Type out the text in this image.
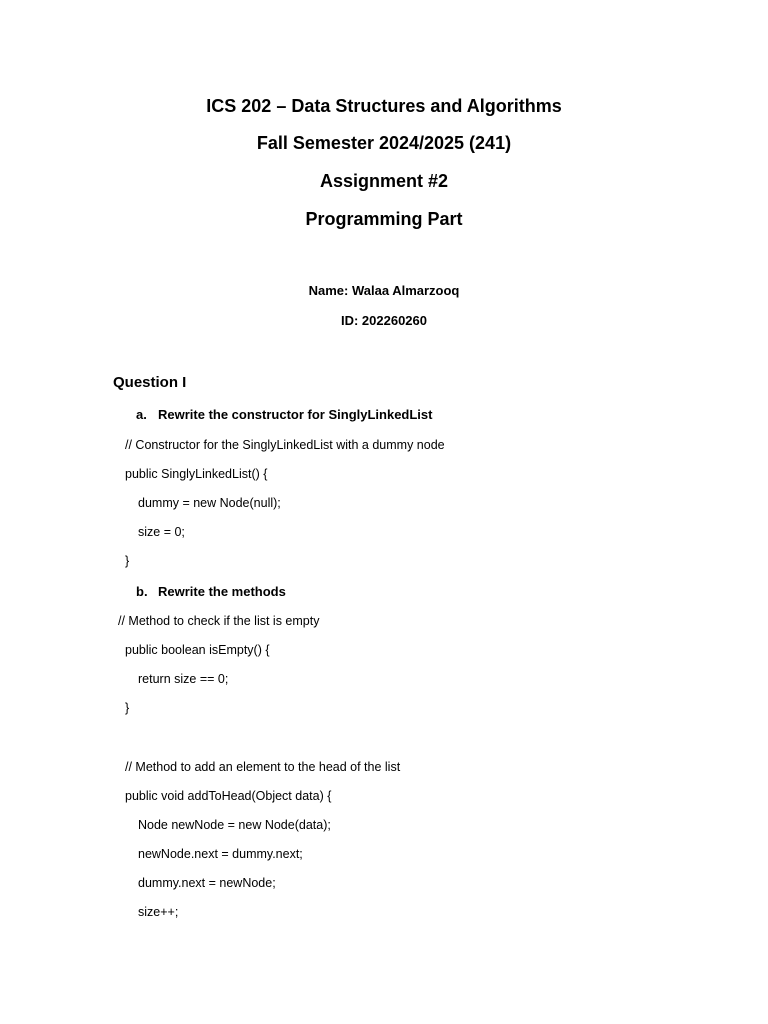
ICS 202 – Data Structures and Algorithms
Fall Semester 2024/2025 (241)
Assignment #2
Programming Part
Name: Walaa Almarzooq
ID: 202260260
Question I
a. Rewrite the constructor for SinglyLinkedList
// Constructor for the SinglyLinkedList with a dummy node
public SinglyLinkedList() {
dummy = new Node(null);
size = 0;
}
b. Rewrite the methods
// Method to check if the list is empty
public boolean isEmpty() {
return size == 0;
}
// Method to add an element to the head of the list
public void addToHead(Object data) {
Node newNode = new Node(data);
newNode.next = dummy.next;
dummy.next = newNode;
size++;
